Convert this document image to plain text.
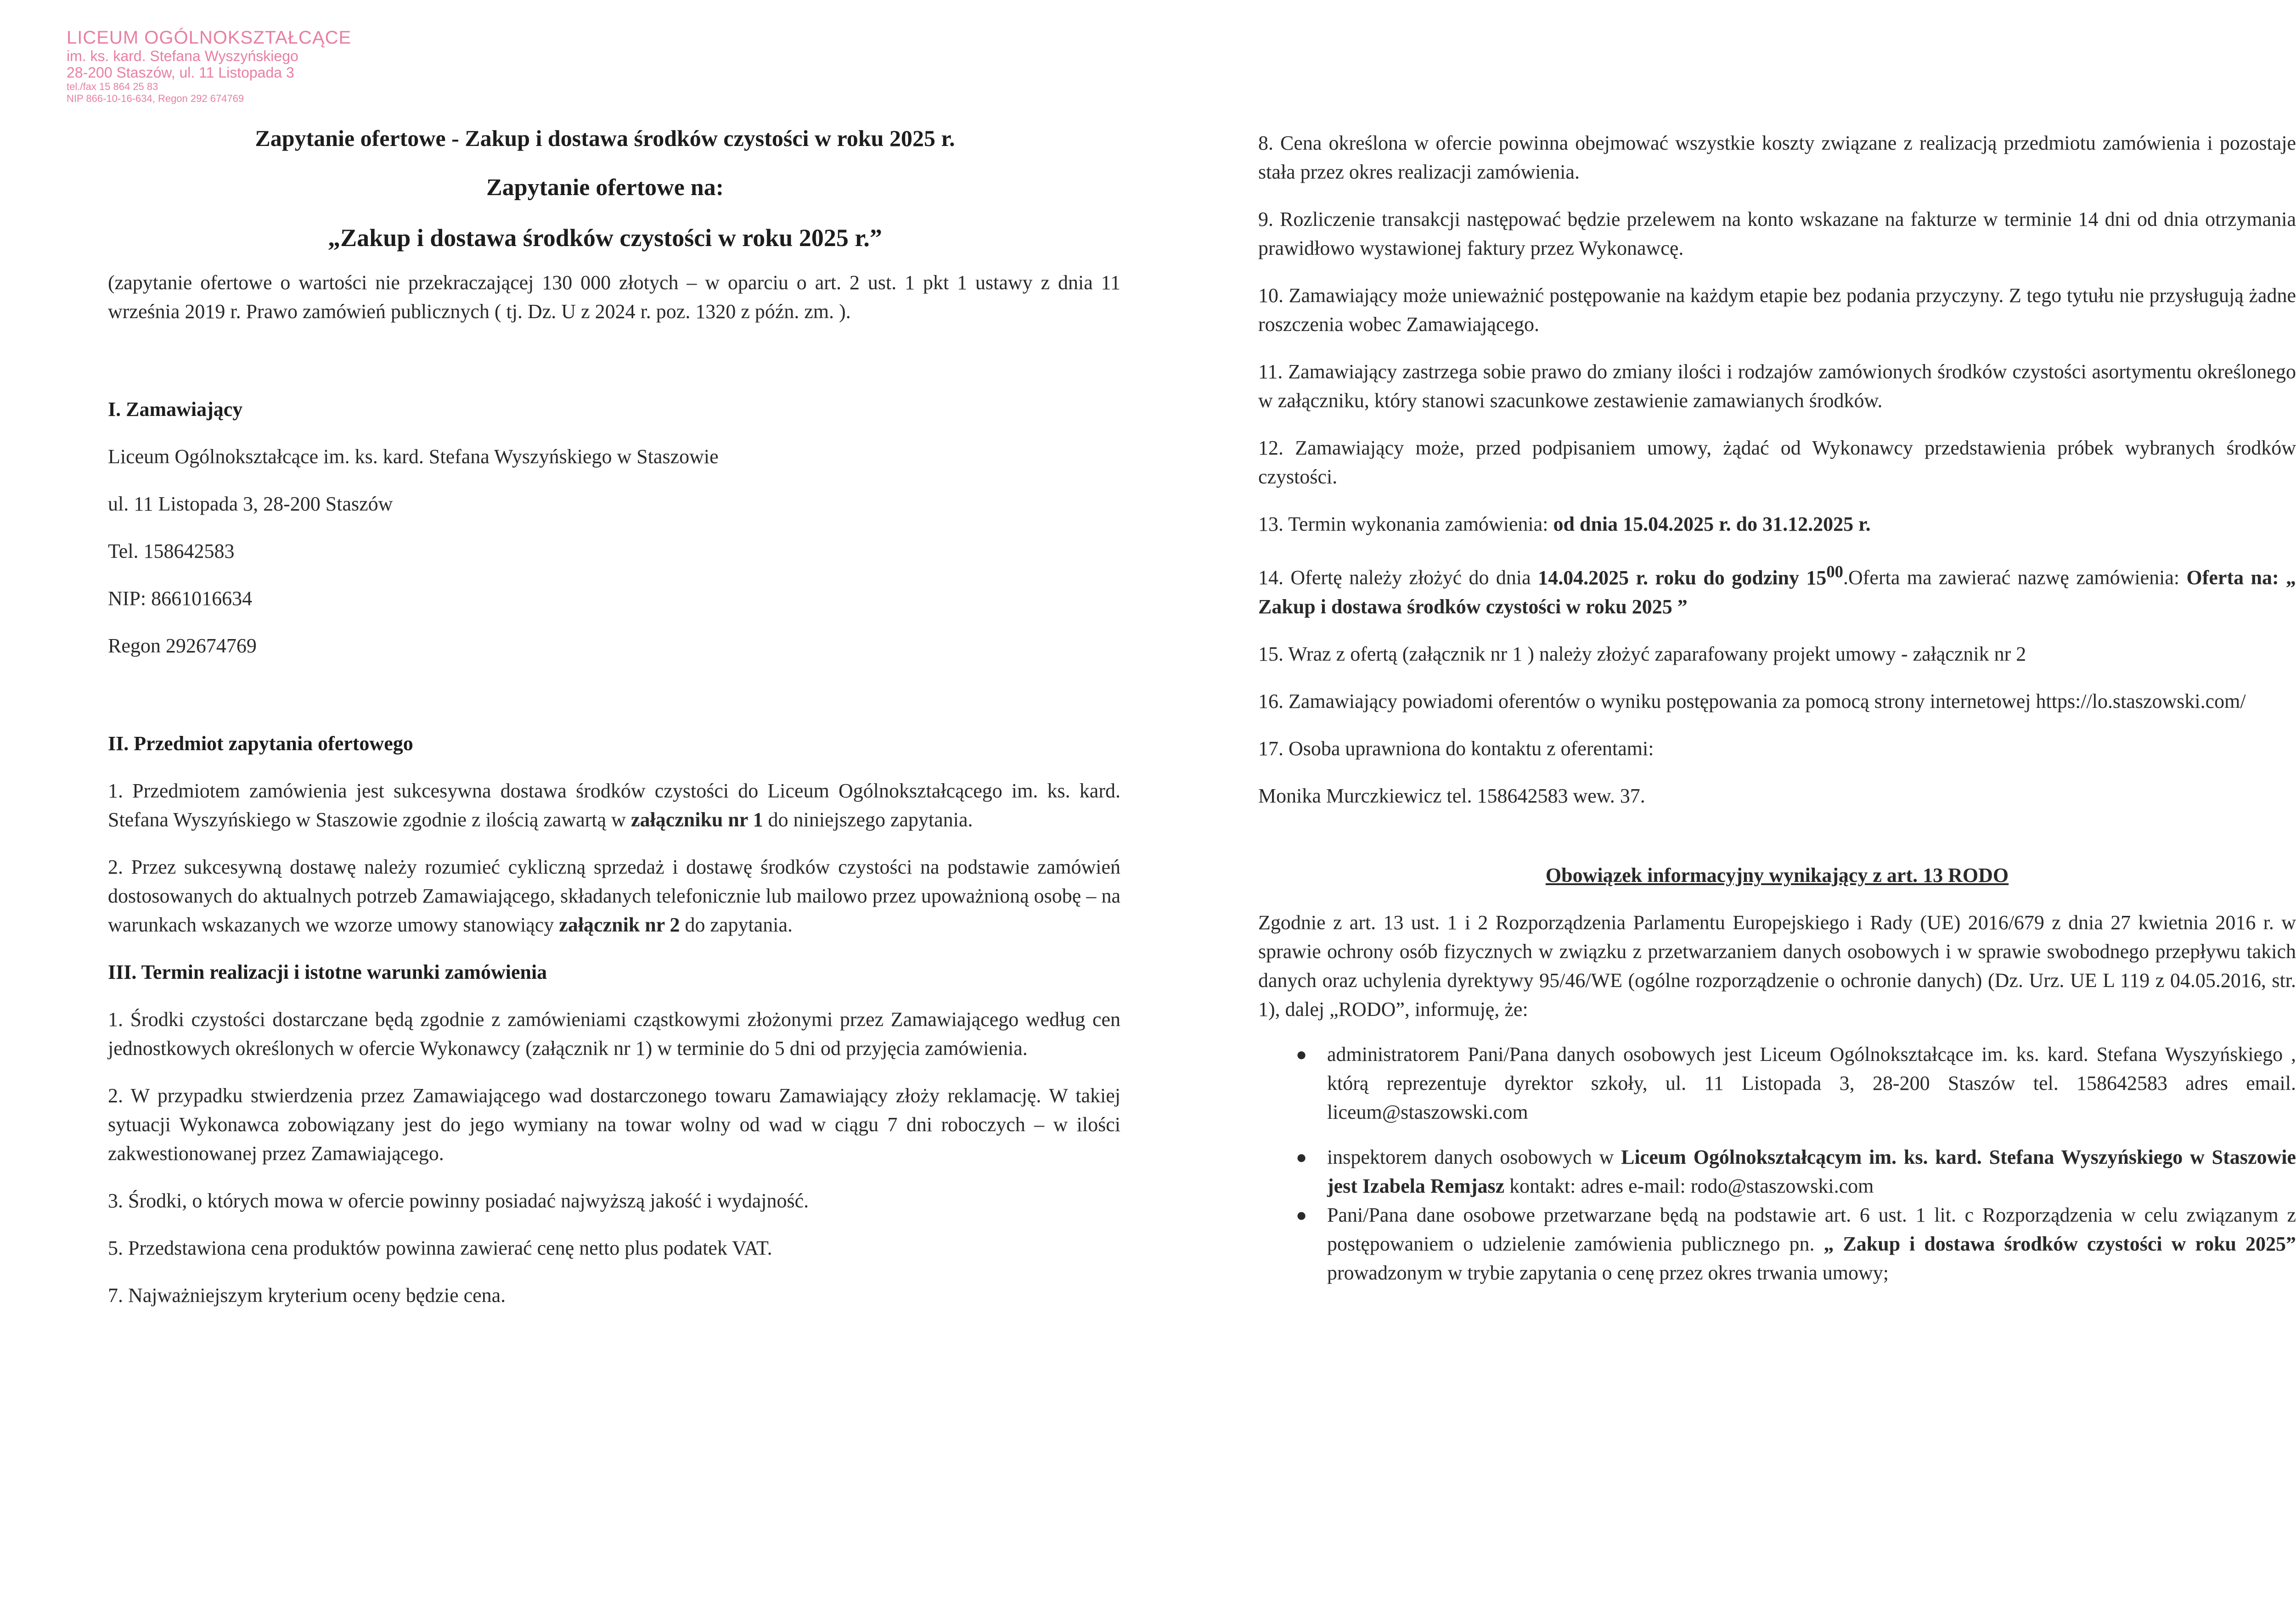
LICEUM OGÓLNOKSZTAŁCĄCE
im. ks. kard. Stefana Wyszyńskiego
28-200 Staszów, ul. 11 Listopada 3
tel./fax 15 864 25 83
NIP 866-10-16-634, Regon 292 674769
Zapytanie ofertowe - Zakup i dostawa środków czystości w roku 2025 r.
Zapytanie ofertowe na:
„Zakup i dostawa środków czystości w roku 2025 r.”

(zapytanie ofertowe o wartości nie przekraczającej 130 000 złotych – w oparciu o art. 2 ust. 1 pkt 1 ustawy z dnia 11 września 2019 r. Prawo zamówień publicznych ( tj. Dz. U z 2024 r. poz. 1320 z późn. zm. ).

I. Zamawiający

Liceum Ogólnokształcące im. ks. kard. Stefana Wyszyńskiego w Staszowie

ul. 11 Listopada 3, 28-200 Staszów

Tel. 158642583

NIP: 8661016634

Regon 292674769

II. Przedmiot zapytania ofertowego

1. Przedmiotem zamówienia jest sukcesywna dostawa środków czystości do Liceum Ogólnokształcącego im. ks. kard. Stefana Wyszyńskiego w Staszowie zgodnie z ilością zawartą w załączniku nr 1 do niniejszego zapytania.

2. Przez sukcesywną dostawę należy rozumieć cykliczną sprzedaż i dostawę środków czystości na podstawie zamówień dostosowanych do aktualnych potrzeb Zamawiającego, składanych telefonicznie lub mailowo przez upoważnioną osobę – na warunkach wskazanych we wzorze umowy stanowiący załącznik nr 2 do zapytania.

III. Termin realizacji i istotne warunki zamówienia

1. Środki czystości dostarczane będą zgodnie z zamówieniami cząstkowymi złożonymi przez Zamawiającego według cen jednostkowych określonych w ofercie Wykonawcy (załącznik nr 1) w terminie do 5 dni od przyjęcia zamówienia.

2. W przypadku stwierdzenia przez Zamawiającego wad dostarczonego towaru Zamawiający złoży reklamację. W takiej sytuacji Wykonawca zobowiązany jest do jego wymiany na towar wolny od wad w ciągu 7 dni roboczych – w ilości zakwestionowanej przez Zamawiającego.

3. Środki, o których mowa w ofercie powinny posiadać najwyższą jakość i wydajność.

5. Przedstawiona cena produktów powinna zawierać cenę netto plus podatek VAT.

7. Najważniejszym kryterium oceny będzie cena.

8. Cena określona w ofercie powinna obejmować wszystkie koszty związane z realizacją przedmiotu zamówienia i pozostaje stała przez okres realizacji zamówienia.

9. Rozliczenie transakcji następować będzie przelewem na konto wskazane na fakturze w terminie 14 dni od dnia otrzymania prawidłowo wystawionej faktury przez Wykonawcę.

10. Zamawiający może unieważnić postępowanie na każdym etapie bez podania przyczyny. Z tego tytułu nie przysługują żadne roszczenia wobec Zamawiającego.

11. Zamawiający zastrzega sobie prawo do zmiany ilości i rodzajów zamówionych środków czystości asortymentu określonego w załączniku, który stanowi szacunkowe zestawienie zamawianych środków.

12. Zamawiający może, przed podpisaniem umowy, żądać od Wykonawcy przedstawienia próbek wybranych środków czystości.

13. Termin wykonania zamówienia: od dnia 15.04.2025 r. do 31.12.2025 r.

14. Ofertę należy złożyć do dnia 14.04.2025 r. roku do godziny $15^{00}.Oferta$ ma zawierać nazwę zamówienia: Oferta na: „ Zakup i dostawa środków czystości w roku 2025 ”

15. Wraz z ofertą (załącznik nr 1 ) należy złożyć zaparafowany projekt umowy - załącznik nr 2

16. Zamawiający powiadomi oferentów o wyniku postępowania za pomocą strony internetowej https://lo.staszowski.com/

17. Osoba uprawniona do kontaktu z oferentami:

Monika Murczkiewicz tel. 158642583 wew. 37.

Obowiązek informacyjny wynikający z art. 13 RODO

Zgodnie z art. 13 ust. 1 i 2 Rozporządzenia Parlamentu Europejskiego i Rady (UE) 2016/679 z dnia 27 kwietnia 2016 r. w sprawie ochrony osób fizycznych w związku z przetwarzaniem danych osobowych i w sprawie swobodnego przepływu takich danych oraz uchylenia dyrektywy 95/46/WE (ogólne rozporządzenie o ochronie danych) (Dz. Urz. UE L 119 z 04.05.2016, str. 1), dalej „RODO”, informuję, że:

● administratorem Pani/Pana danych osobowych jest Liceum Ogólnokształcące im. ks. kard. Stefana Wyszyńskiego , którą reprezentuje dyrektor szkoły, ul. 11 Listopada 3, 28-200 Staszów tel. 158642583 adres email. liceum@staszowski.com
● inspektorem danych osobowych w Liceum Ogólnokształcącym im. ks. kard. Stefana Wyszyńskiego w Staszowie jest Izabela Remjasz kontakt: adres e-mail: rodo@staszowski.com
● Pani/Pana dane osobowe przetwarzane będą na podstawie art. 6 ust. 1 lit. c Rozporządzenia w celu związanym z postępowaniem o udzielenie zamówienia publicznego pn. „ Zakup i dostawa środków czystości w roku 2025” prowadzonym w trybie zapytania o cenę przez okres trwania umowy;
